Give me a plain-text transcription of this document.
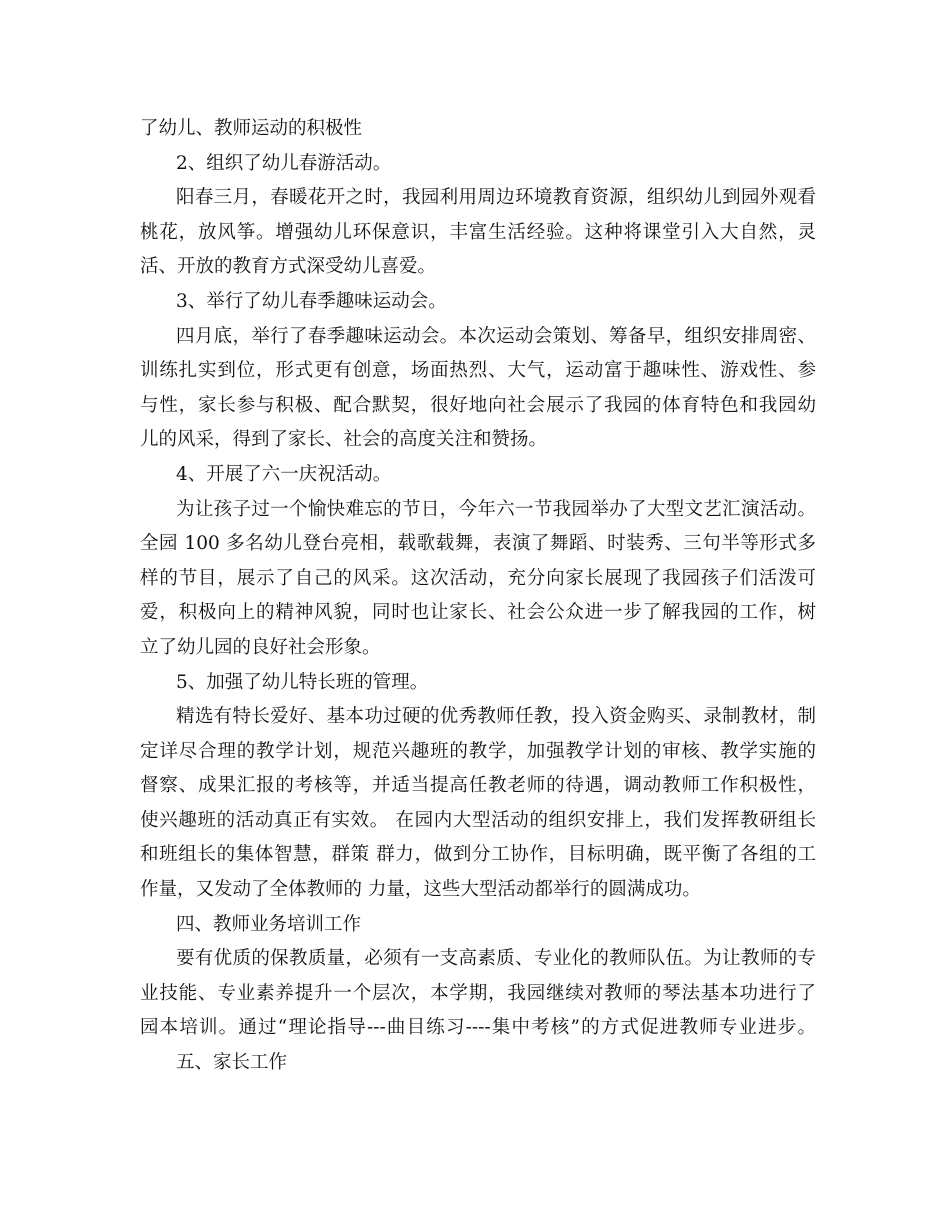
了幼儿、教师运动的积极性
2、组织了幼儿春游活动。
阳春三月，春暖花开之时，我园利用周边环境教育资源，组织幼儿到园外观看
桃花，放风筝。增强幼儿环保意识，丰富生活经验。这种将课堂引入大自然，灵
活、开放的教育方式深受幼儿喜爱。
3、举行了幼儿春季趣味运动会。
四月底，举行了春季趣味运动会。本次运动会策划、筹备早，组织安排周密、
训练扎实到位，形式更有创意，场面热烈、大气，运动富于趣味性、游戏性、参
与性，家长参与积极、配合默契，很好地向社会展示了我园的体育特色和我园幼
儿的风采，得到了家长、社会的高度关注和赞扬。
4、开展了六一庆祝活动。
为让孩子过一个愉快难忘的节日，今年六一节我园举办了大型文艺汇演活动。
全园 100 多名幼儿登台亮相，载歌载舞，表演了舞蹈、时装秀、三句半等形式多
样的节目，展示了自己的风采。这次活动，充分向家长展现了我园孩子们活泼可
爱，积极向上的精神风貌，同时也让家长、社会公众进一步了解我园的工作，树
立了幼儿园的良好社会形象。
5、加强了幼儿特长班的管理。
精选有特长爱好、基本功过硬的优秀教师任教，投入资金购买、录制教材，制
定详尽合理的教学计划，规范兴趣班的教学，加强教学计划的审核、教学实施的
督察、成果汇报的考核等，并适当提高任教老师的待遇，调动教师工作积极性，
使兴趣班的活动真正有实效。 在园内大型活动的组织安排上，我们发挥教研组长
和班组长的集体智慧，群策 群力，做到分工协作，目标明确，既平衡了各组的工
作量，又发动了全体教师的 力量，这些大型活动都举行的圆满成功。
四、教师业务培训工作
要有优质的保教质量，必须有一支高素质、专业化的教师队伍。为让教师的专
业技能、专业素养提升一个层次，本学期，我园继续对教师的琴法基本功进行了
园本培训。通过“理论指导---曲目练习----集中考核”的方式促进教师专业进步。
五、家长工作
